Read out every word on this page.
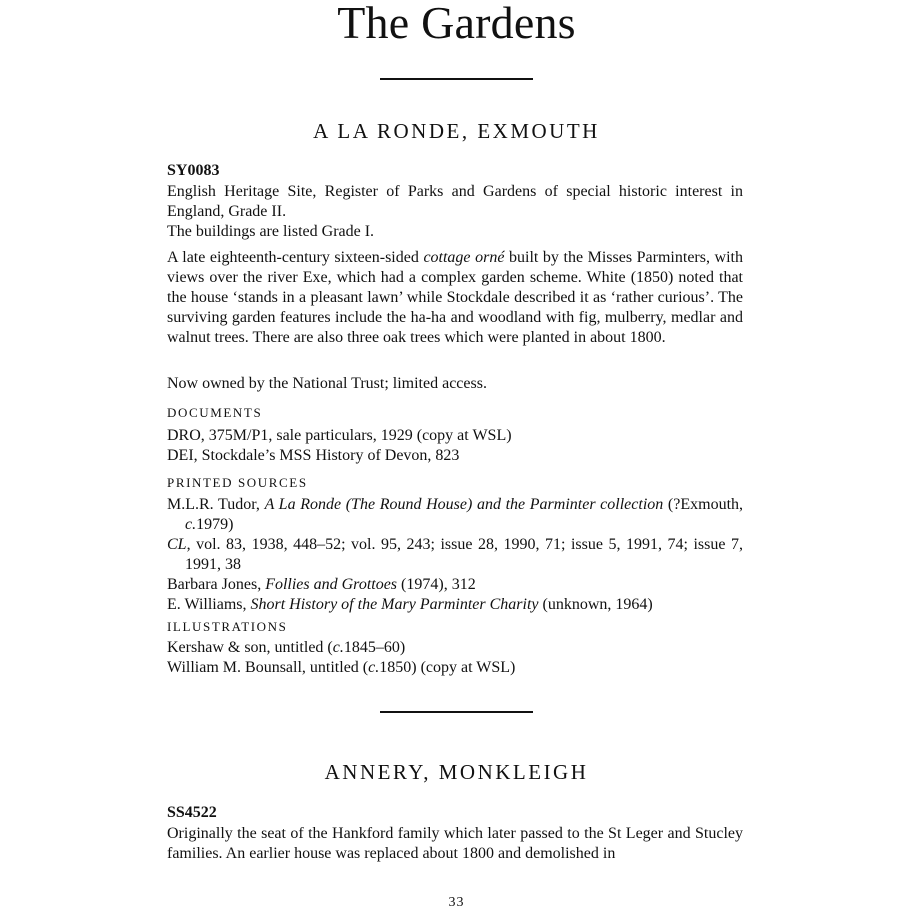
The Gardens
A LA RONDE, EXMOUTH
SY0083

English Heritage Site, Register of Parks and Gardens of special historic interest in England, Grade II.

The buildings are listed Grade I.

A late eighteenth-century sixteen-sided cottage orné built by the Misses Parminters, with views over the river Exe, which had a complex garden scheme. White (1850) noted that the house ‘stands in a pleasant lawn’ while Stockdale described it as ‘rather curious’. The surviving garden features include the ha-ha and woodland with fig, mulberry, medlar and walnut trees. There are also three oak trees which were planted in about 1800.

Now owned by the National Trust; limited access.
DOCUMENTS
DRO, 375M/P1, sale particulars, 1929 (copy at WSL)
DEI, Stockdale’s MSS History of Devon, 823
PRINTED SOURCES
M.L.R. Tudor, A La Ronde (The Round House) and the Parminter collection (?Exmouth, c.1979)
CL, vol. 83, 1938, 448–52; vol. 95, 243; issue 28, 1990, 71; issue 5, 1991, 74; issue 7, 1991, 38
Barbara Jones, Follies and Grottoes (1974), 312
E. Williams, Short History of the Mary Parminter Charity (unknown, 1964)
ILLUSTRATIONS
Kershaw & son, untitled (c.1845–60)
William M. Bounsall, untitled (c.1850) (copy at WSL)
ANNERY, MONKLEIGH
SS4522
Originally the seat of the Hankford family which later passed to the St Leger and Stucley families. An earlier house was replaced about 1800 and demolished in
33
